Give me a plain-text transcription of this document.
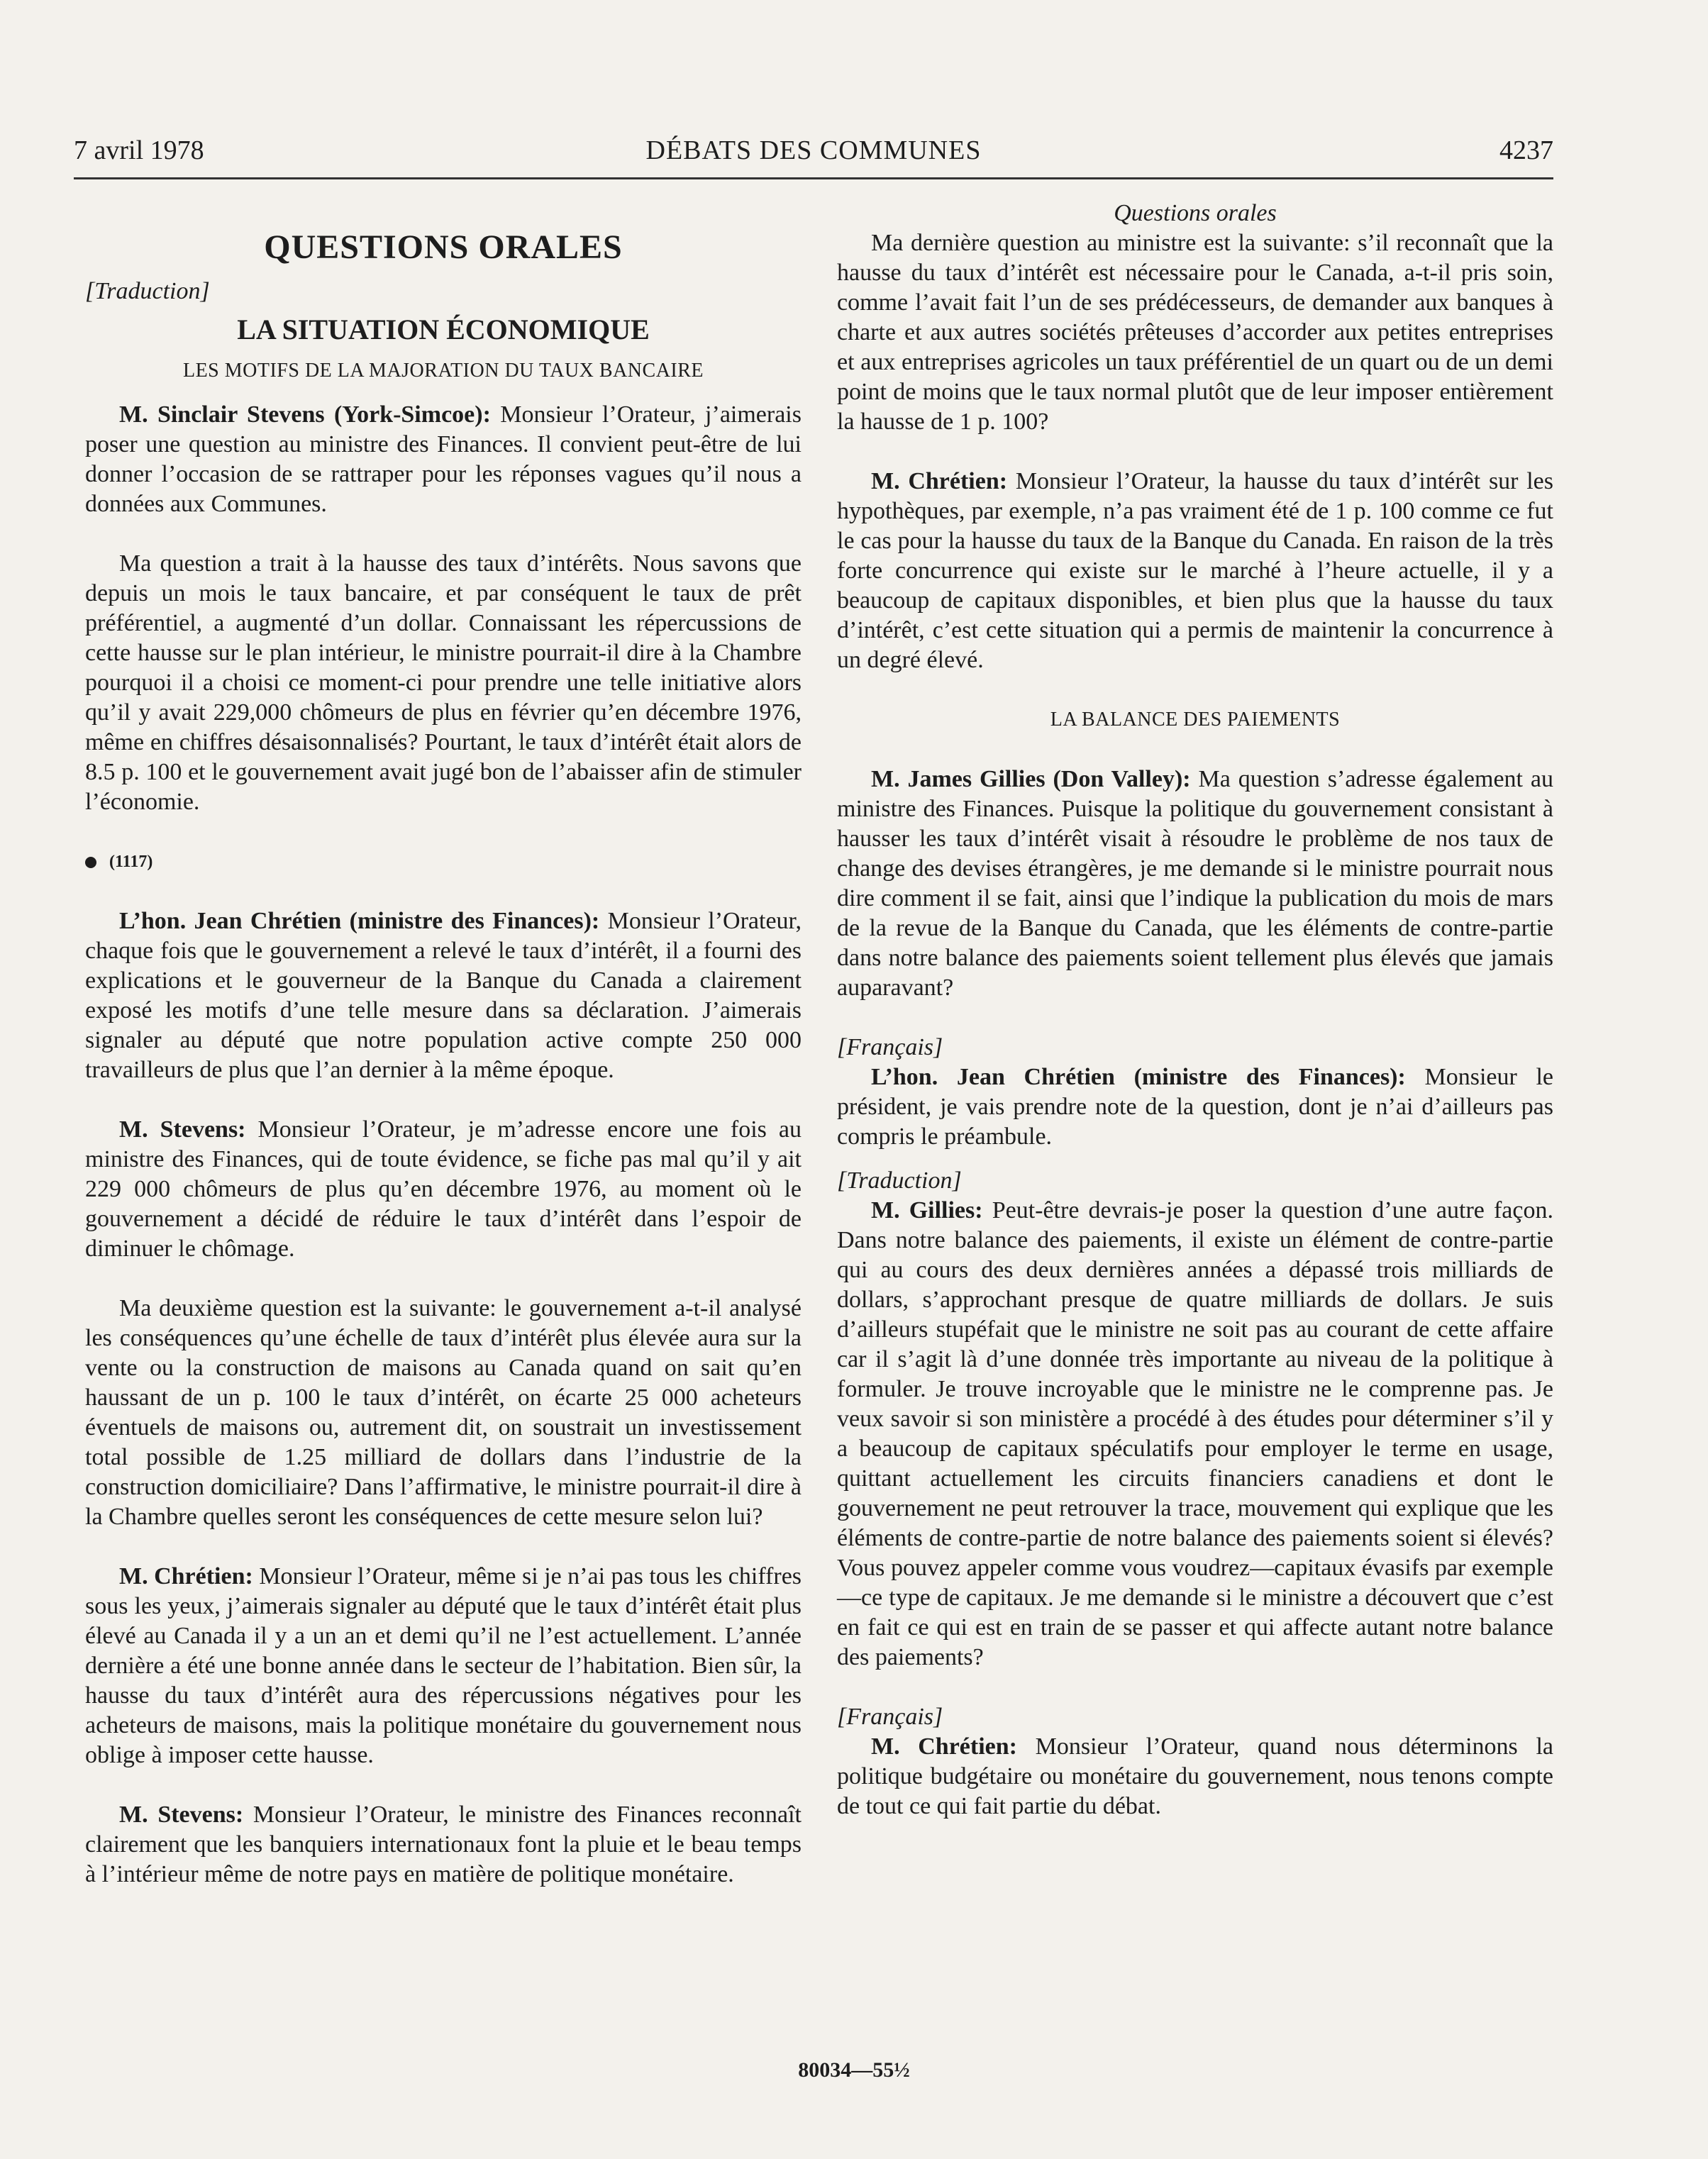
7 avril 1978	DÉBATS DES COMMUNES	4237
QUESTIONS ORALES
[Traduction]
LA SITUATION ÉCONOMIQUE
LES MOTIFS DE LA MAJORATION DU TAUX BANCAIRE

M. Sinclair Stevens (York-Simcoe): Monsieur l’Orateur, j’aimerais poser une question au ministre des Finances. Il convient peut-être de lui donner l’occasion de se rattraper pour les réponses vagues qu’il nous a données aux Communes.

Ma question a trait à la hausse des taux d’intérêts. Nous savons que depuis un mois le taux bancaire, et par conséquent le taux de prêt préférentiel, a augmenté d’un dollar. Connaissant les répercussions de cette hausse sur le plan intérieur, le ministre pourrait-il dire à la Chambre pourquoi il a choisi ce moment-ci pour prendre une telle initiative alors qu’il y avait 229,000 chômeurs de plus en février qu’en décembre 1976, même en chiffres désaisonnalisés? Pourtant, le taux d’intérêt était alors de 8.5 p. 100 et le gouvernement avait jugé bon de l’abaisser afin de stimuler l’économie.

(1117)

L’hon. Jean Chrétien (ministre des Finances): Monsieur l’Orateur, chaque fois que le gouvernement a relevé le taux d’intérêt, il a fourni des explications et le gouverneur de la Banque du Canada a clairement exposé les motifs d’une telle mesure dans sa déclaration. J’aimerais signaler au député que notre population active compte 250 000 travailleurs de plus que l’an dernier à la même époque.

M. Stevens: Monsieur l’Orateur, je m’adresse encore une fois au ministre des Finances, qui de toute évidence, se fiche pas mal qu’il y ait 229 000 chômeurs de plus qu’en décembre 1976, au moment où le gouvernement a décidé de réduire le taux d’intérêt dans l’espoir de diminuer le chômage.

Ma deuxième question est la suivante: le gouvernement a-t-il analysé les conséquences qu’une échelle de taux d’intérêt plus élevée aura sur la vente ou la construction de maisons au Canada quand on sait qu’en haussant de un p. 100 le taux d’intérêt, on écarte 25 000 acheteurs éventuels de maisons ou, autrement dit, on soustrait un investissement total possible de 1.25 milliard de dollars dans l’industrie de la construction domiciliaire? Dans l’affirmative, le ministre pourrait-il dire à la Chambre quelles seront les conséquences de cette mesure selon lui?

M. Chrétien: Monsieur l’Orateur, même si je n’ai pas tous les chiffres sous les yeux, j’aimerais signaler au député que le taux d’intérêt était plus élevé au Canada il y a un an et demi qu’il ne l’est actuellement. L’année dernière a été une bonne année dans le secteur de l’habitation. Bien sûr, la hausse du taux d’intérêt aura des répercussions négatives pour les acheteurs de maisons, mais la politique monétaire du gouvernement nous oblige à imposer cette hausse.

M. Stevens: Monsieur l’Orateur, le ministre des Finances reconnaît clairement que les banquiers internationaux font la pluie et le beau temps à l’intérieur même de notre pays en matière de politique monétaire.

Questions orales

Ma dernière question au ministre est la suivante: s’il reconnaît que la hausse du taux d’intérêt est nécessaire pour le Canada, a-t-il pris soin, comme l’avait fait l’un de ses prédécesseurs, de demander aux banques à charte et aux autres sociétés prêteuses d’accorder aux petites entreprises et aux entreprises agricoles un taux préférentiel de un quart ou de un demi point de moins que le taux normal plutôt que de leur imposer entièrement la hausse de 1 p. 100?

M. Chrétien: Monsieur l’Orateur, la hausse du taux d’intérêt sur les hypothèques, par exemple, n’a pas vraiment été de 1 p. 100 comme ce fut le cas pour la hausse du taux de la Banque du Canada. En raison de la très forte concurrence qui existe sur le marché à l’heure actuelle, il y a beaucoup de capitaux disponibles, et bien plus que la hausse du taux d’intérêt, c’est cette situation qui a permis de maintenir la concurrence à un degré élevé.

LA BALANCE DES PAIEMENTS

M. James Gillies (Don Valley): Ma question s’adresse également au ministre des Finances. Puisque la politique du gouvernement consistant à hausser les taux d’intérêt visait à résoudre le problème de nos taux de change des devises étrangères, je me demande si le ministre pourrait nous dire comment il se fait, ainsi que l’indique la publication du mois de mars de la revue de la Banque du Canada, que les éléments de contre-partie dans notre balance des paiements soient tellement plus élevés que jamais auparavant?

[Français]

L’hon. Jean Chrétien (ministre des Finances): Monsieur le président, je vais prendre note de la question, dont je n’ai d’ailleurs pas compris le préambule.

[Traduction]

M. Gillies: Peut-être devrais-je poser la question d’une autre façon. Dans notre balance des paiements, il existe un élément de contre-partie qui au cours des deux dernières années a dépassé trois milliards de dollars, s’approchant presque de quatre milliards de dollars. Je suis d’ailleurs stupéfait que le ministre ne soit pas au courant de cette affaire car il s’agit là d’une donnée très importante au niveau de la politique à formuler. Je trouve incroyable que le ministre ne le comprenne pas. Je veux savoir si son ministère a procédé à des études pour déterminer s’il y a beaucoup de capitaux spéculatifs pour employer le terme en usage, quittant actuellement les circuits financiers canadiens et dont le gouvernement ne peut retrouver la trace, mouvement qui explique que les éléments de contre-partie de notre balance des paiements soient si élevés? Vous pouvez appeler comme vous voudrez—capitaux évasifs par exemple—ce type de capitaux. Je me demande si le ministre a découvert que c’est en fait ce qui est en train de se passer et qui affecte autant notre balance des paiements?

[Français]

M. Chrétien: Monsieur l’Orateur, quand nous déterminons la politique budgétaire ou monétaire du gouvernement, nous tenons compte de tout ce qui fait partie du débat.

80034—55½
